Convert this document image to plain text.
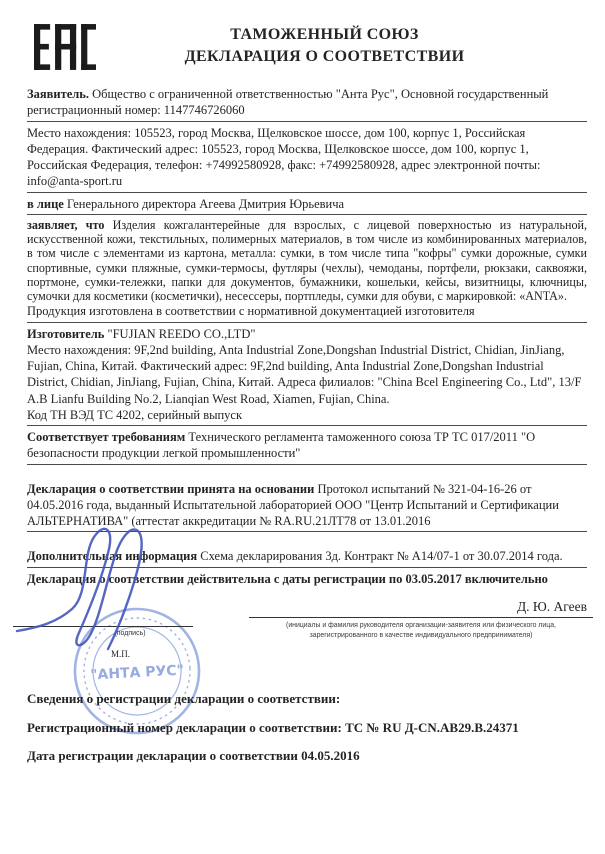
ТАМОЖЕННЫЙ СОЮЗ
ДЕКЛАРАЦИЯ О СООТВЕТСТВИИ

Заявитель. Общество с ограниченной ответственностью "Анта Рус", Основной государственный регистрационный номер: 1147746726060

Место нахождения: 105523, город Москва, Щелковское шоссе, дом 100, корпус 1, Российская Федерация. Фактический адрес: 105523, город Москва, Щелковское шоссе, дом 100, корпус 1, Российская Федерация, телефон: +74992580928, факс: +74992580928, адрес электронной почты: info@anta-sport.ru

в лице Генерального директора Агеева Дмитрия Юрьевича

заявляет, что Изделия кожгалантерейные для взрослых, с лицевой поверхностью из натуральной, искусственной кожи, текстильных, полимерных материалов, в том числе из комбинированных материалов, в том числе с элементами из картона, металла: сумки, в том числе типа "кофры" сумки дорожные, сумки спортивные, сумки пляжные, сумки-термосы, футляры (чехлы), чемоданы, портфели, рюкзаки, саквояжи, портмоне, сумки-тележки, папки для документов, бумажники, кошельки, кейсы, визитницы, ключницы, сумочки для косметики (косметички), несессеры, портпледы, сумки для обуви, с маркировкой: «ANTA».

Продукция изготовлена в соответствии с нормативной документацией изготовителя

Изготовитель "FUJIAN REEDO CO.,LTD"

Место нахождения: 9F,2nd building, Anta Industrial Zone,Dongshan Industrial District, Chidian, JinJiang, Fujian, China, Китай. Фактический адрес: 9F,2nd building, Anta Industrial Zone,Dongshan Industrial District, Chidian, JinJiang, Fujian, China, Китай. Адреса филиалов: "China Bcel Engineering Co., Ltd", 13/F A.B Lianfu Building No.2, Lianqian West Road, Xiamen, Fujian, China.

Код ТН ВЭД ТС 4202, серийный выпуск

Соответствует требованиям Технического регламента таможенного союза ТР ТС 017/2011 "О безопасности продукции легкой промышленности"

Декларация о соответствии принята на основании Протокол испытаний № 321-04-16-26 от 04.05.2016 года, выданный Испытательной лабораторией ООО "Центр Испытаний и Сертификации АЛЬТЕРНАТИВА" (аттестат аккредитации № RA.RU.21ЛТ78 от 13.01.2016

Дополнительная информация Схема декларирования 3д. Контракт № А14/07-1 от 30.07.2014 года.

Декларация о соответствии действительна с даты регистрации по 03.05.2017 включительно

"АНТА РУС"
(подпись)
М.П.
Д. Ю. Агеев
(инициалы и фамилия руководителя организации-заявителя или физического лица,
зарегистрированного в качестве индивидуального предпринимателя)

Сведения о регистрации декларации о соответствии:

Регистрационный номер декларации о соответствии: ТС № RU Д-CN.АВ29.В.24371

Дата регистрации декларации о соответствии 04.05.2016
